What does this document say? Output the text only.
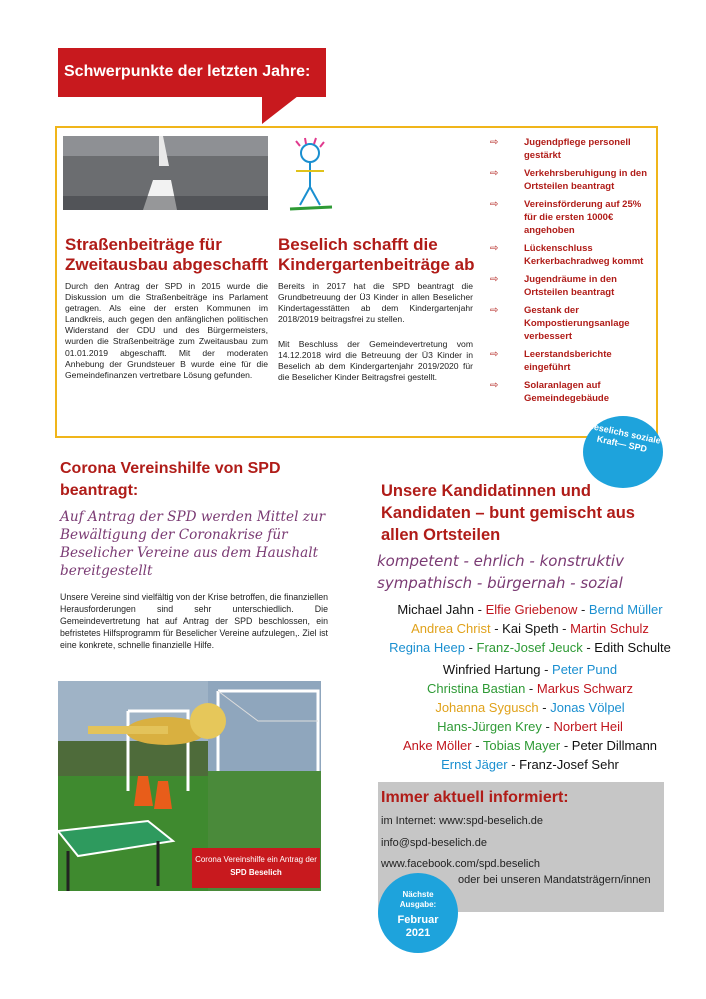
Schwerpunkte der letzten Jahre:
Straßenbeiträge für Zweitausbau abgeschafft
Durch den Antrag der SPD in 2015 wurde die Diskussion um die Straßenbeiträge ins Parlament getragen. Als eine der ersten Kommunen im Landkreis, auch gegen den anfänglichen politischen Widerstand der CDU und des Bürgermeisters, wurden die Straßenbeiträge zum Zweitausbau zum 01.01.2019 abgeschafft. Mit der moderaten Anhebung der Grundsteuer B wurde eine für die Gemeindefinanzen vertretbare Lösung gefunden.
Beselich schafft die Kindergartenbeiträge ab
Bereits in 2017 hat die SPD beantragt die Grundbetreuung der Ü3 Kinder in allen Beselicher Kindertagesstätten ab dem Kindergartenjahr 2018/2019 beitragsfrei zu stellen.
Mit Beschluss der Gemeindevertretung vom 14.12.2018 wird die Betreuung der Ü3 Kinder in Beselich ab dem Kindergartenjahr 2019/2020 für die Beselicher Kinder Beitragsfrei gestellt.
⇨	Jugendpflege personell gestärkt
⇨	Verkehrsberuhigung in den Ortsteilen beantragt
⇨	Vereinsförderung auf 25% für die ersten 1000€ angehoben
⇨	Lückenschluss Kerkerbachradweg kommt
⇨	Jugendräume in den Ortsteilen beantragt
⇨	Gestank der Kompostierungsanlage verbessert
⇨	Leerstandsberichte eingeführt
⇨	Solaranlagen auf Gemeindegebäude
Beselichs soziale Kraft— SPD
Corona Vereinshilfe von SPD beantragt:
Auf Antrag der SPD werden Mittel zur Bewältigung der Coronakrise für Beselicher Vereine aus dem Haushalt bereitgestellt
Unsere Vereine sind vielfältig von der Krise betroffen, die finanziellen Herausforderungen sind sehr unterschiedlich. Die Gemeindevertretung hat auf Antrag der SPD beschlossen, ein befristetes Hilfsprogramm für Beselicher Vereine aufzulegen,. Ziel ist eine konkrete, schnelle finanzielle Hilfe.
Corona Vereinshilfe ein Antrag der
SPD Beselich
Unsere Kandidatinnen und Kandidaten – bunt gemischt aus allen Ortsteilen
kompetent - ehrlich - konstruktiv
sympathisch - bürgernah - sozial
Michael Jahn - Elfie Griebenow - Bernd Müller
Andrea Christ - Kai Speth - Martin Schulz
Regina Heep - Franz-Josef Jeuck - Edith Schulte
Winfried Hartung - Peter Pund
Christina Bastian - Markus Schwarz
Johanna Sygusch - Jonas Völpel
Hans-Jürgen Krey - Norbert Heil
Anke Möller - Tobias Mayer - Peter Dillmann
Ernst Jäger - Franz-Josef Sehr
Immer aktuell informiert:
im Internet: www:spd-beselich.de
info@spd-beselich.de
www.facebook.com/spd.beselich
oder bei unseren Mandatsträgern/innen
Nächste
Ausgabe:
Februar
2021
